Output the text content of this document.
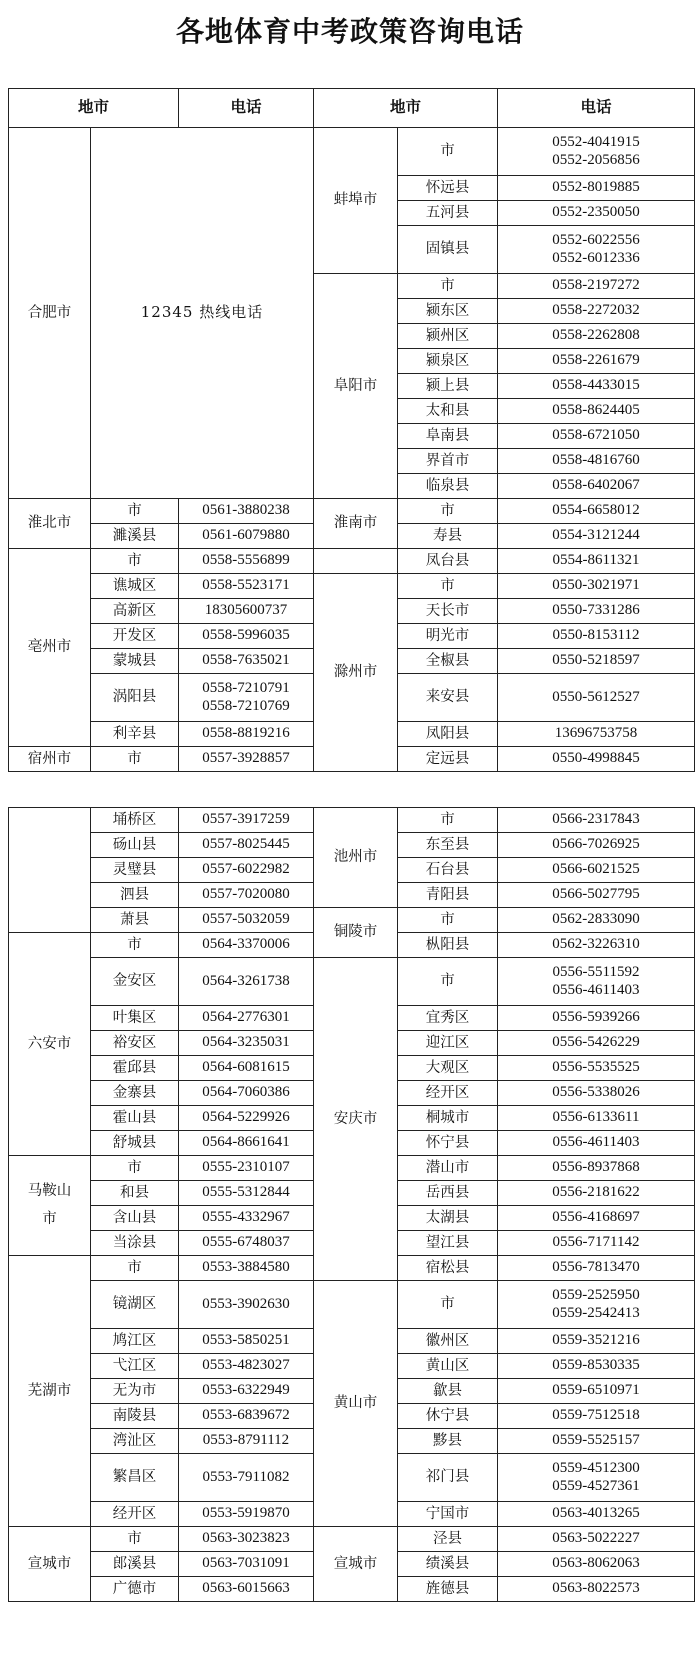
各地体育中考政策咨询电话
地市		电话	地市		电话
合肥市	12345 热线电话		蚌埠市	市	0552-4041915
0552-2056856

				怀远县	0552-8019885
				五河县	0552-2350050
				固镇县	0552-6022556
0552-6012336

			阜阳市	市	0558-2197272
				颍东区	0558-2272032
				颍州区	0558-2262808
				颍泉区	0558-2261679
				颍上县	0558-4433015
				太和县	0558-8624405
				阜南县	0558-6721050
				界首市	0558-4816760
				临泉县	0558-6402067
淮北市	市	0561-3880238	淮南市	市	0554-6658012
	濉溪县	0561-6079880		寿县	0554-3121244
亳州市	市	0558-5556899		凤台县	0554-8611321
	谯城区	0558-5523171	滁州市	市	0550-3021971
	高新区	18305600737		天长市	0550-7331286
	开发区	0558-5996035		明光市	0550-8153112
	蒙城县	0558-7635021		全椒县	0550-5218597
	涡阳县	0558-7210791
0558-7210769		来安县	0550-5612527
	利辛县	0558-8819216		凤阳县	13696753758
宿州市	市	0557-3928857		定远县	0550-4998845
	埇桥区	0557-3917259	池州市	市	0566-2317843
	砀山县	0557-8025445		东至县	0566-7026925
	灵璧县	0557-6022982		石台县	0566-6021525
	泗县	0557-7020080		青阳县	0566-5027795
	萧县	0557-5032059	铜陵市	市	0562-2833090
六安市	市	0564-3370006		枞阳县	0562-3226310
	金安区	0564-3261738	安庆市	市	0556-5511592
0556-4611403

	叶集区	0564-2776301		宜秀区	0556-5939266
	裕安区	0564-3235031		迎江区	0556-5426229
	霍邱县	0564-6081615		大观区	0556-5535525
	金寨县	0564-7060386		经开区	0556-5338026
	霍山县	0564-5229926		桐城市	0556-6133611
	舒城县	0564-8661641		怀宁县	0556-4611403

马鞍山
市	市	0555-2310107		潜山市	0556-8937868
	和县	0555-5312844		岳西县	0556-2181622
	含山县	0555-4332967		太湖县	0556-4168697
	当涂县	0555-6748037		望江县	0556-7171142
芜湖市	市	0553-3884580		宿松县	0556-7813470
	镜湖区	0553-3902630	黄山市	市	0559-2525950
0559-2542413

	鸠江区	0553-5850251		徽州区	0559-3521216
	弋江区	0553-4823027		黄山区	0559-8530335
	无为市	0553-6322949		歙县	0559-6510971
	南陵县	0553-6839672		休宁县	0559-7512518
	湾沚区	0553-8791112		黟县	0559-5525157
	繁昌区	0553-7911082		祁门县	0559-4512300
0559-4527361

	经开区	0553-5919870		宁国市	0563-4013265
宣城市	市	0563-3023823	宣城市	泾县	0563-5022227
	郎溪县	0563-7031091		绩溪县	0563-8062063
	广德市	0563-6015663		旌德县	0563-8022573
